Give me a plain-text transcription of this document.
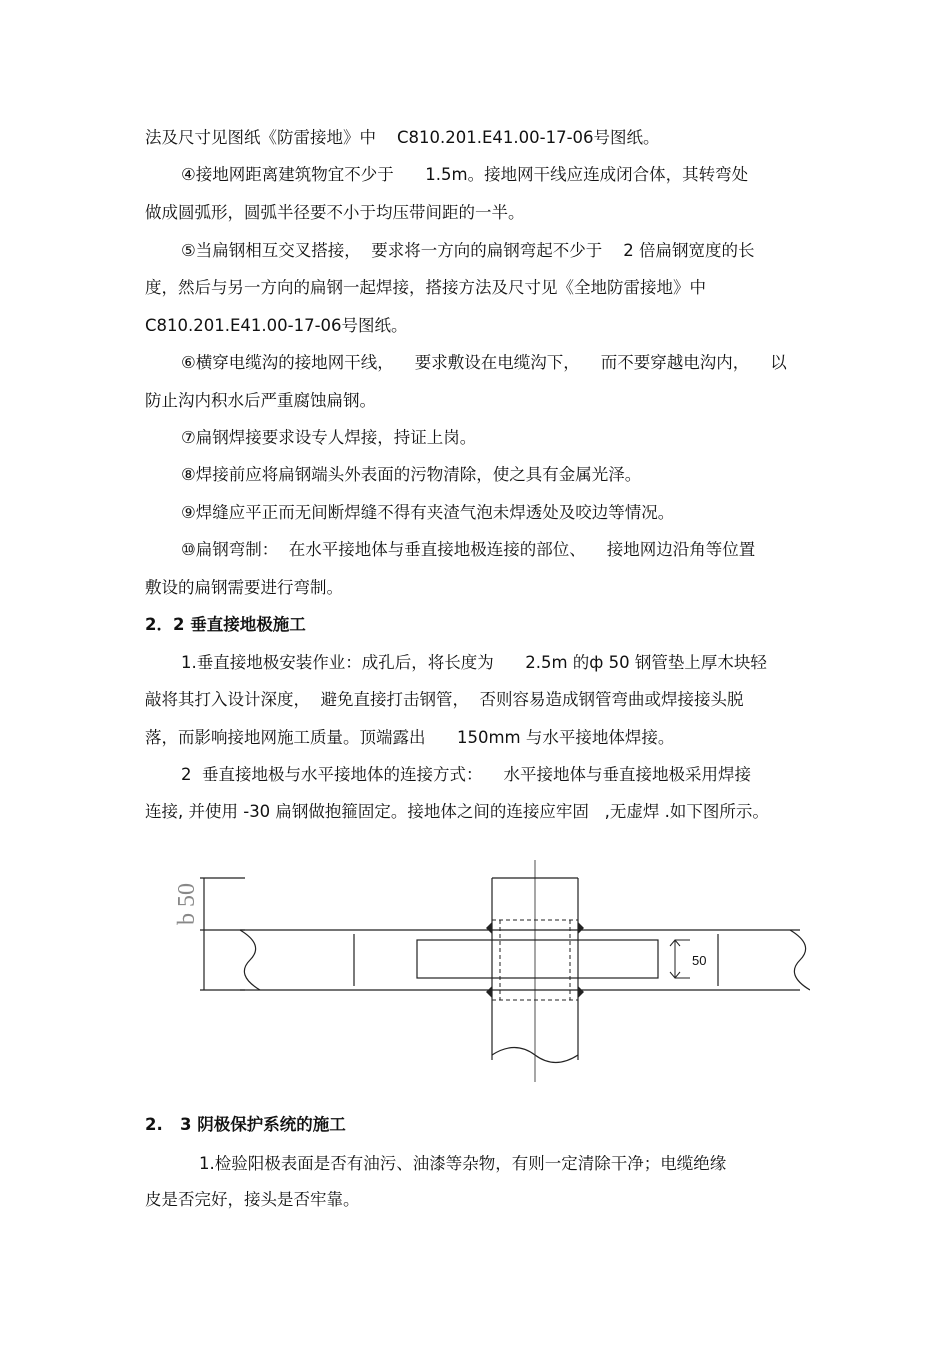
法及尺寸见图纸《防雷接地》中    C810.201.E41.00-17-06号图纸。
④接地网距离建筑物宜不少于      1.5m。接地网干线应连成闭合体，其转弯处
做成圆弧形，圆弧半径要不小于均压带间距的一半。
⑤当扁钢相互交叉搭接，  要求将一方向的扁钢弯起不少于    2 倍扁钢宽度的长
度，然后与另一方向的扁钢一起焊接，搭接方法及尺寸见《全地防雷接地》中
C810.201.E41.00-17-06号图纸。
⑥横穿电缆沟的接地网干线，    要求敷设在电缆沟下，    而不要穿越电沟内，    以
防止沟内积水后严重腐蚀扁钢。
⑦扁钢焊接要求设专人焊接，持证上岗。
⑧焊接前应将扁钢端头外表面的污物清除，使之具有金属光泽。
⑨焊缝应平正而无间断焊缝不得有夹渣气泡未焊透处及咬边等情况。
⑩扁钢弯制：  在水平接地体与垂直接地极连接的部位、    接地网边沿角等位置
敷设的扁钢需要进行弯制。
2．2 垂直接地极施工
1.垂直接地极安装作业：成孔后，将长度为      2.5m 的ф 50 钢管垫上厚木块轻
敲将其打入设计深度，  避免直接打击钢管，  否则容易造成钢管弯曲或焊接接头脱
落，而影响接地网施工质量。顶端露出      150mm 与水平接地体焊接。
2  垂直接地极与水平接地体的连接方式：    水平接地体与垂直接地极采用焊接
连接, 并使用 -30 扁钢做抱箍固定。接地体之间的连接应牢固   ,无虚焊 .如下图所示。
2.   3 阴极保护系统的施工
1.检验阳极表面是否有油污、油漆等杂物，有则一定清除干净；电缆绝缘
皮是否完好，接头是否牢靠。
b 50
50
